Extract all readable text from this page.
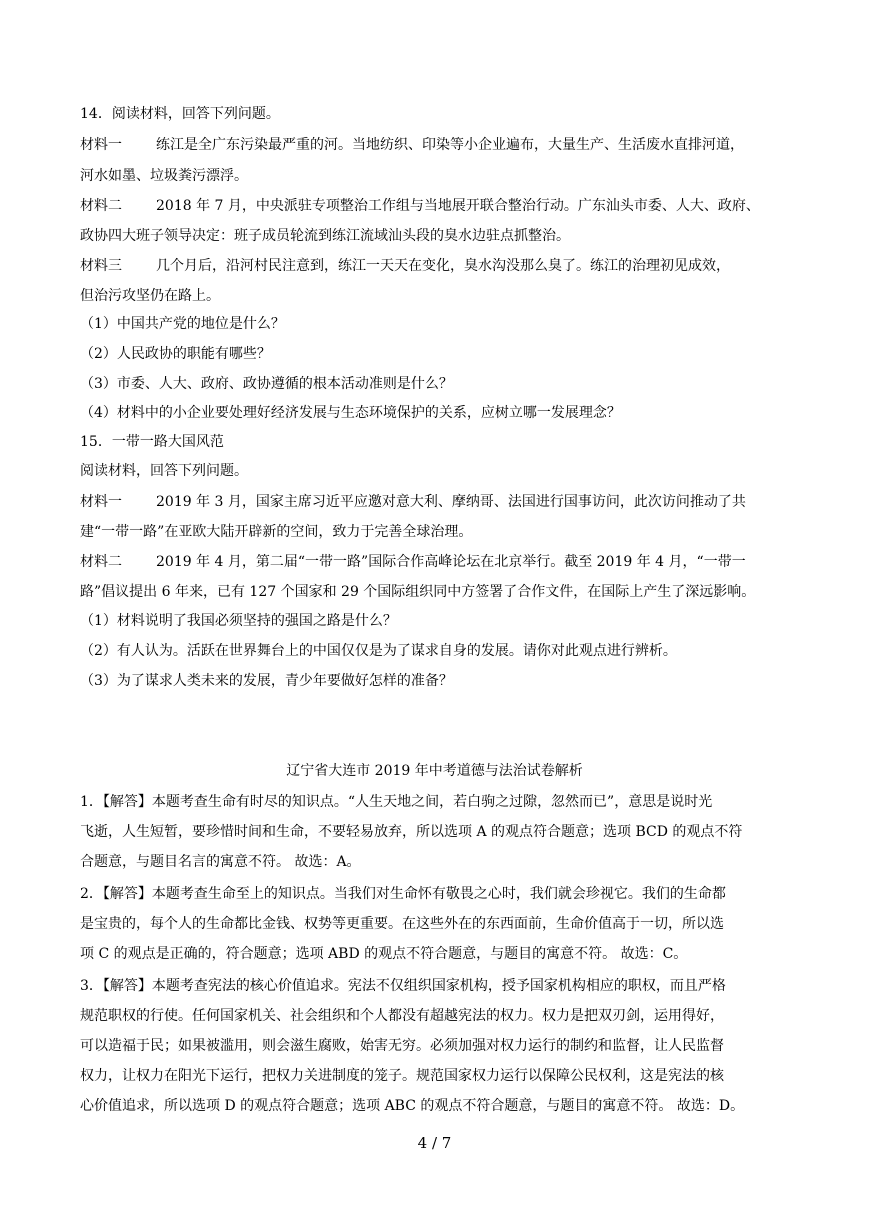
14．阅读材料，回答下列问题。
材料一 练江是全广东污染最严重的河。当地纺织、印染等小企业遍布，大量生产、生活废水直排河道，
河水如墨、垃圾粪污漂浮。
材料二 2018 年 7 月，中央派驻专项整治工作组与当地展开联合整治行动。广东汕头市委、人大、政府、
政协四大班子领导决定：班子成员轮流到练江流域汕头段的臭水边驻点抓整治。
材料三 几个月后，沿河村民注意到，练江一天天在变化，臭水沟没那么臭了。练江的治理初见成效，
但治污攻坚仍在路上。
（1）中国共产党的地位是什么？
（2）人民政协的职能有哪些？
（3）市委、人大、政府、政协遵循的根本活动准则是什么？
（4）材料中的小企业要处理好经济发展与生态环境保护的关系，应树立哪一发展理念？
15．一带一路大国风范
阅读材料，回答下列问题。
材料一 2019 年 3 月，国家主席习近平应邀对意大利、摩纳哥、法国进行国事访问，此次访问推动了共
建“一带一路”在亚欧大陆开辟新的空间，致力于完善全球治理。
材料二 2019 年 4 月，第二届“一带一路”国际合作高峰论坛在北京举行。截至 2019 年 4 月，“一带一
路”倡议提出 6 年来，已有 127 个国家和 29 个国际组织同中方签署了合作文件，在国际上产生了深远影响。
（1）材料说明了我国必须坚持的强国之路是什么？
（2）有人认为。活跃在世界舞台上的中国仅仅是为了谋求自身的发展。请你对此观点进行辨析。
（3）为了谋求人类未来的发展，青少年要做好怎样的准备？
辽宁省大连市 2019 年中考道德与法治试卷解析
1．【解答】本题考查生命有时尽的知识点。“人生天地之间，若白驹之过隙，忽然而已”，意思是说时光
飞逝，人生短暂，要珍惜时间和生命，不要轻易放弃，所以选项 A 的观点符合题意；选项 BCD 的观点不符
合题意，与题目名言的寓意不符。 故选：A。
2．【解答】本题考查生命至上的知识点。当我们对生命怀有敬畏之心时，我们就会珍视它。我们的生命都
是宝贵的，每个人的生命都比金钱、权势等更重要。在这些外在的东西面前，生命价值高于一切，所以选
项 C 的观点是正确的，符合题意；选项 ABD 的观点不符合题意，与题目的寓意不符。 故选：C。
3．【解答】本题考查宪法的核心价值追求。宪法不仅组织国家机构，授予国家机构相应的职权，而且严格
规范职权的行使。任何国家机关、社会组织和个人都没有超越宪法的权力。权力是把双刃剑，运用得好，
可以造福于民；如果被滥用，则会滋生腐败，始害无穷。必须加强对权力运行的制约和监督，让人民监督
权力，让权力在阳光下运行，把权力关进制度的笼子。规范国家权力运行以保障公民权利，这是宪法的核
心价值追求，所以选项 D 的观点符合题意；选项 ABC 的观点不符合题意，与题目的寓意不符。 故选：D。
4 / 7
